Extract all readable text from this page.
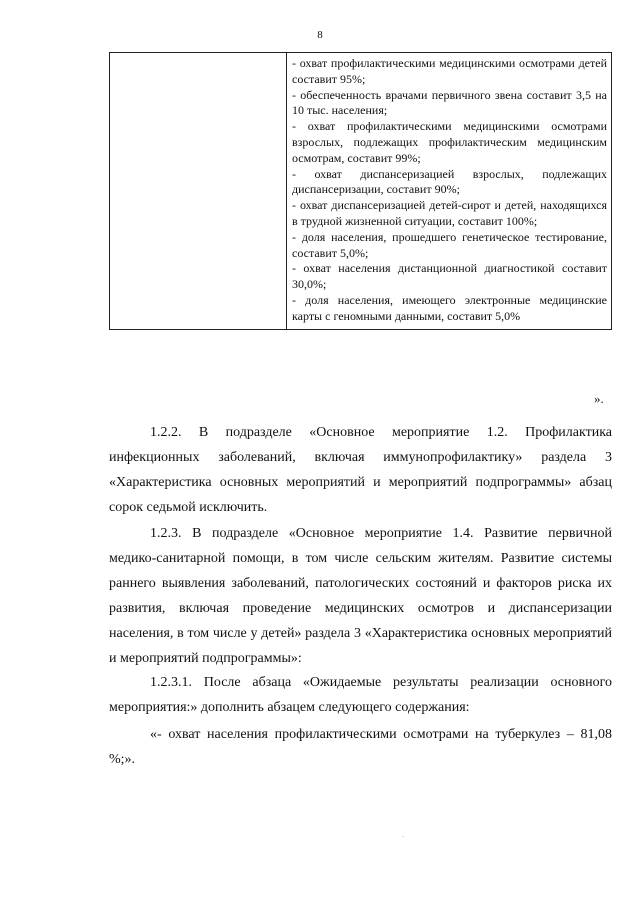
8

- охват профилактическими медицинскими осмотрами детей составит 95%;
- обеспеченность врачами первичного звена составит 3,5 на 10 тыс. населения;
- охват профилактическими медицинскими осмотрами взрослых, подлежащих профилактическим медицинским осмотрам, составит 99%;
- охват диспансеризацией взрослых, подлежащих диспансеризации, составит 90%;
- охват диспансеризацией детей-сирот и детей, находящихся в трудной жизненной ситуации, составит 100%;
- доля населения, прошедшего генетическое тестирование, составит 5,0%;
- охват населения дистанционной диагностикой составит 30,0%;
- доля населения, имеющего электронные медицинские карты с геномными данными, составит 5,0%
».

1.2.2. В подразделе «Основное мероприятие 1.2. Профилактика инфекционных заболеваний, включая иммунопрофилактику» раздела 3 «Характеристика основных мероприятий и мероприятий подпрограммы» абзац сорок седьмой исключить.

1.2.3. В подразделе «Основное мероприятие 1.4. Развитие первичной медико-санитарной помощи, в том числе сельским жителям. Развитие системы раннего выявления заболеваний, патологических состояний и факторов риска их развития, включая проведение медицинских осмотров и диспансеризации населения, в том числе у детей» раздела 3 «Характеристика основных мероприятий и мероприятий подпрограммы»:

1.2.3.1. После абзаца «Ожидаемые результаты реализации основного мероприятия:» дополнить абзацем следующего содержания:

«- охват населения профилактическими осмотрами на туберкулез – 81,08 %;».

.
